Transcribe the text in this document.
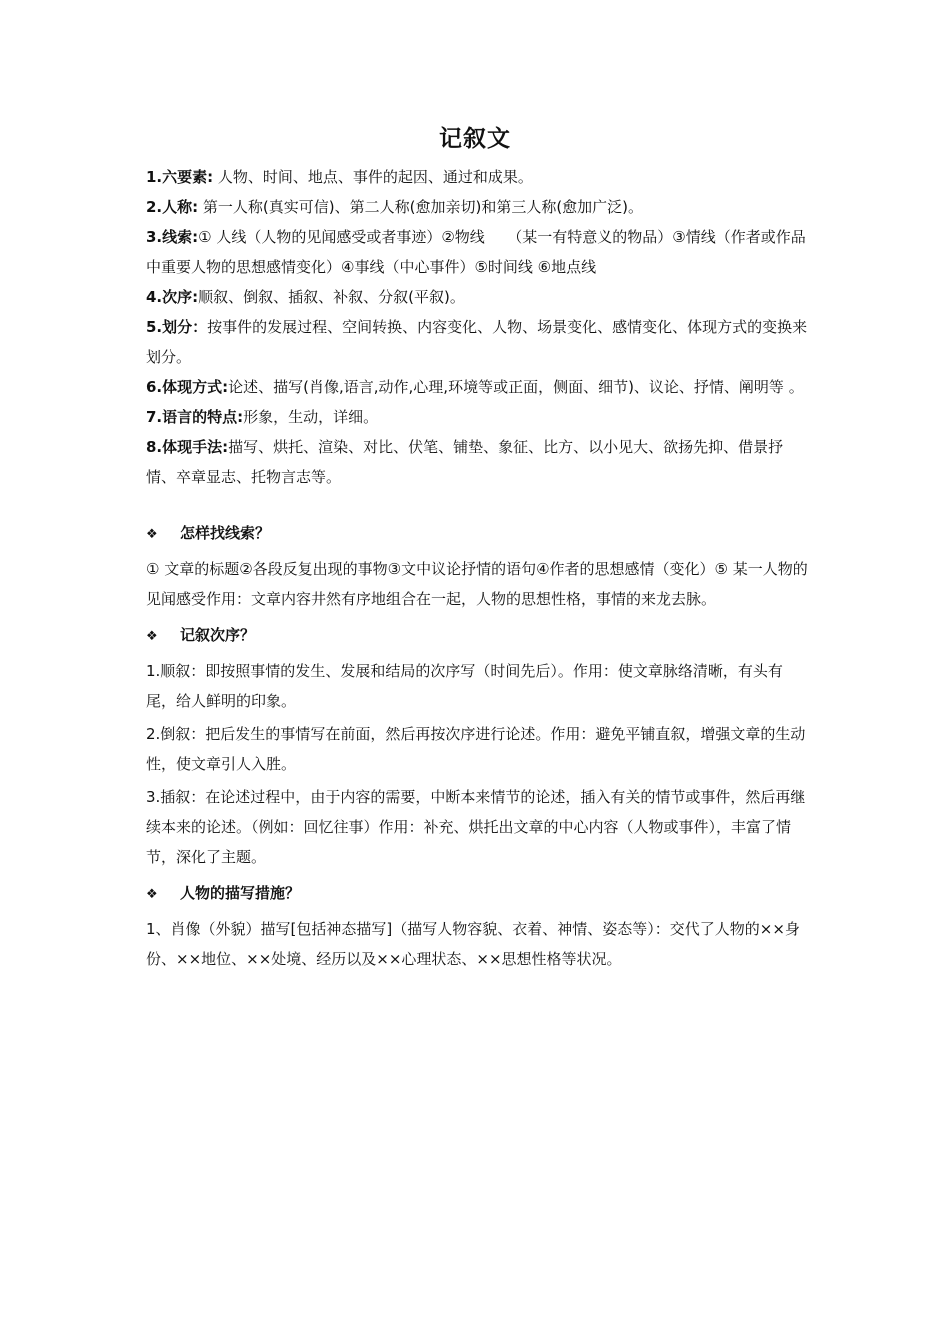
记叙文

1.六要素: 人物、时间、地点、事件的起因、通过和成果。

2.人称: 第一人称(真实可信)、第二人称(愈加亲切)和第三人称(愈加广泛)。

3.线索:① 人线（人物的见闻感受或者事迹）②物线　　（某一有特意义的物品）③情线（作者或作品中重要人物的思想感情变化）④事线（中心事件）⑤时间线 ⑥地点线

4.次序:顺叙、倒叙、插叙、补叙、分叙(平叙)。

5.划分：按事件的发展过程、空间转换、内容变化、人物、场景变化、感情变化、体现方式的变换来划分。

6.体现方式:论述、描写(肖像,语言,动作,心理,环境等或正面，侧面、细节)、议论、抒情、阐明等 。

7.语言的特点:形象，生动，详细。

8.体现手法:描写、烘托、渲染、对比、伏笔、铺垫、象征、比方、以小见大、欲扬先抑、借景抒情、卒章显志、托物言志等。

❖ 怎样找线索？

① 文章的标题②各段反复出现的事物③文中议论抒情的语句④作者的思想感情（变化）⑤ 某一人物的见闻感受作用：文章内容井然有序地组合在一起，人物的思想性格，事情的来龙去脉。

❖ 记叙次序？

1.顺叙：即按照事情的发生、发展和结局的次序写（时间先后）。作用：使文章脉络清晰，有头有尾，给人鲜明的印象。

2.倒叙：把后发生的事情写在前面，然后再按次序进行论述。作用：避免平铺直叙，增强文章的生动性，使文章引人入胜。

3.插叙：在论述过程中，由于内容的需要，中断本来情节的论述，插入有关的情节或事件，然后再继续本来的论述。（例如：回忆往事）作用：补充、烘托出文章的中心内容（人物或事件），丰富了情节，深化了主题。

❖ 人物的描写措施？

1、肖像（外貌）描写[包括神态描写]（描写人物容貌、衣着、神情、姿态等）：交代了人物的××身份、××地位、××处境、经历以及××心理状态、××思想性格等状况。
